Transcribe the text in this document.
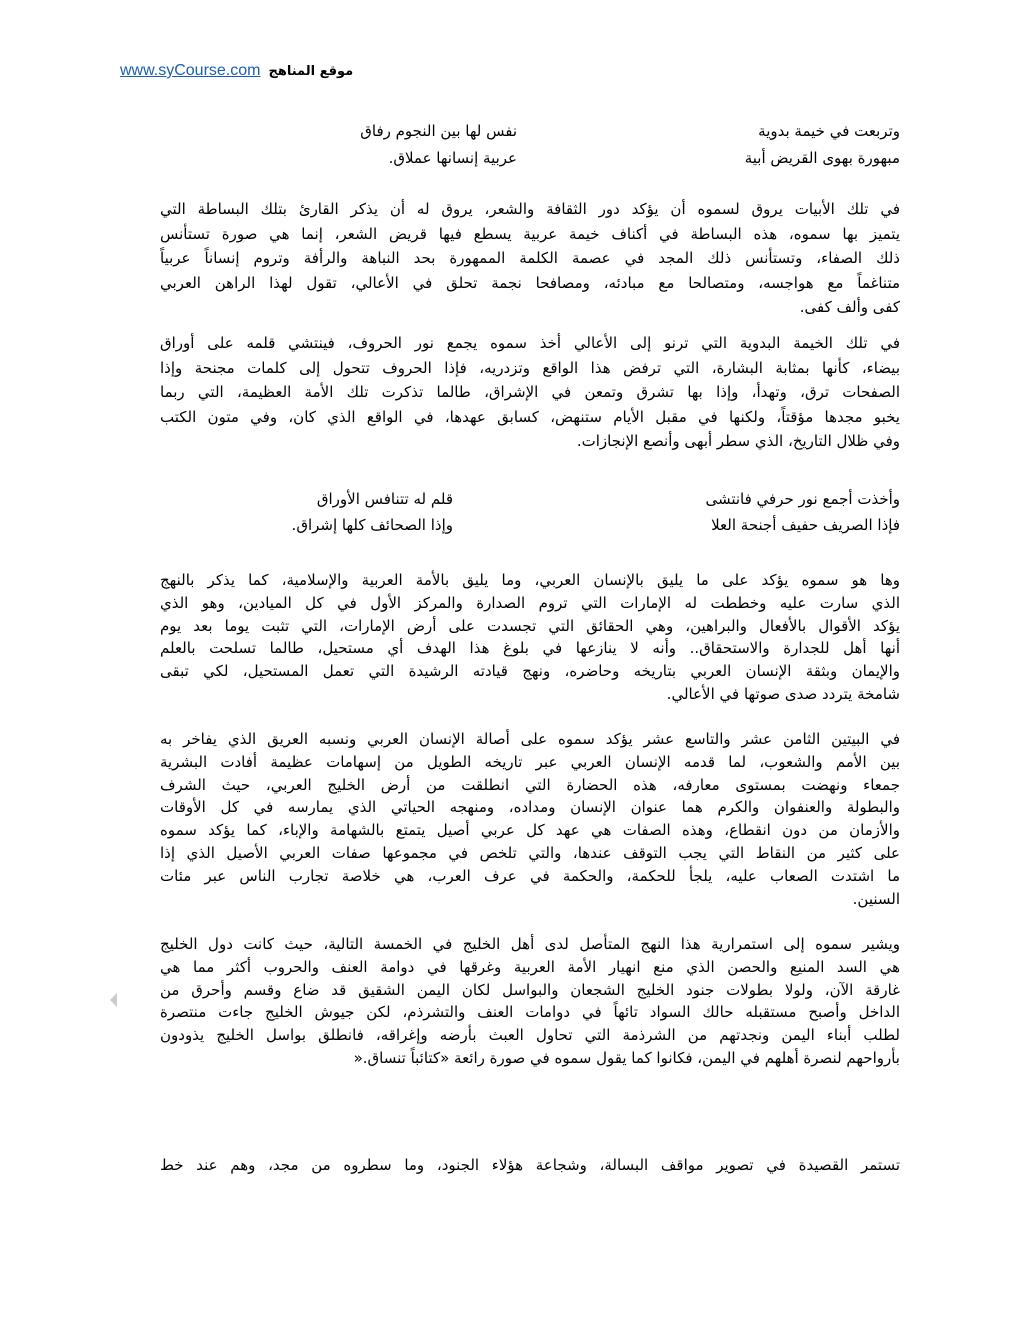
www.syCourse.com موقع المناهج
وتربعت في خيمة بدوية
نفس لها بين النجوم رفاق
مبهورة بهوى القريض أبية
عربية إنسانها عملاق.
في تلك الأبيات يروق لسموه أن يؤكد دور الثقافة والشعر، يروق له أن يذكر القارئ بتلك البساطة التي
يتميز بها سموه، هذه البساطة في أكناف خيمة عربية يسطع فيها قريض الشعر، إنما هي صورة تستأنس
ذلك الصفاء، وتستأنس ذلك المجد في عصمة الكلمة الممهورة بحد النباهة والرأفة وتروم إنساناً عربياً
متناغماً مع هواجسه، ومتصالحا مع مبادئه، ومصافحا نجمة تحلق في الأعالي، تقول لهذا الراهن العربي
كفى وألف كفى.
في تلك الخيمة البدوية التي ترنو إلى الأعالي أخذ سموه يجمع نور الحروف، فينتشي قلمه على أوراق
بيضاء، كأنها بمثابة البشارة، التي ترفض هذا الواقع وتزدريه، فإذا الحروف تتحول إلى كلمات مجنحة وإذا
الصفحات ترق، وتهدأ، وإذا بها تشرق وتمعن في الإشراق، طالما تذكرت تلك الأمة العظيمة، التي ربما
يخبو مجدها مؤقتاً، ولكنها في مقبل الأيام ستنهض، كسابق عهدها، في الواقع الذي كان، وفي متون الكتب
وفي ظلال التاريخ، الذي سطر أبهى وأنصع الإنجازات.
وأخذت أجمع نور حرفي فانتشى
قلم له تتنافس الأوراق
فإذا الصريف حفيف أجنحة العلا
وإذا الصحائف كلها إشراق.
وها هو سموه يؤكد على ما يليق بالإنسان العربي، وما يليق بالأمة العربية والإسلامية، كما يذكر بالنهج
الذي سارت عليه وخططت له الإمارات التي تروم الصدارة والمركز الأول في كل الميادين، وهو الذي
يؤكد الأقوال بالأفعال والبراهين، وهي الحقائق التي تجسدت على أرض الإمارات، التي تثبت يوما بعد يوم
أنها أهل للجدارة والاستحقاق.. وأنه لا ينازعها في بلوغ هذا الهدف أي مستحيل، طالما تسلحت بالعلم
والإيمان وبثقة الإنسان العربي بتاريخه وحاضره، ونهج قيادته الرشيدة التي تعمل المستحيل، لكي تبقى
شامخة يتردد صدى صوتها في الأعالي.
في البيتين الثامن عشر والتاسع عشر يؤكد سموه على أصالة الإنسان العربي ونسبه العريق الذي يفاخر به
بين الأمم والشعوب، لما قدمه الإنسان العربي عبر تاريخه الطويل من إسهامات عظيمة أفادت البشرية
جمعاء ونهضت بمستوى معارفه، هذه الحضارة التي انطلقت من أرض الخليج العربي، حيث الشرف
والبطولة والعنفوان والكرم هما عنوان الإنسان ومداده، ومنهجه الحياتي الذي يمارسه في كل الأوقات
والأزمان من دون انقطاع، وهذه الصفات هي عهد كل عربي أصيل يتمتع بالشهامة والإباء، كما يؤكد سموه
على كثير من النقاط التي يجب التوقف عندها، والتي تلخص في مجموعها صفات العربي الأصيل الذي إذا
ما اشتدت الصعاب عليه، يلجأ للحكمة، والحكمة في عرف العرب، هي خلاصة تجارب الناس عبر مئات
السنين.
ويشير سموه إلى استمرارية هذا النهج المتأصل لدى أهل الخليج في الخمسة التالية، حيث كانت دول الخليج
هي السد المنيع والحصن الذي منع انهيار الأمة العربية وغرقها في دوامة العنف والحروب أكثر مما هي
غارقة الآن، ولولا بطولات جنود الخليج الشجعان والبواسل لكان اليمن الشقيق قد ضاع وقسم وأحرق من
الداخل وأصبح مستقبله حالك السواد تائهاً في دوامات العنف والتشرذم، لكن جيوش الخليج جاءت منتصرة
لطلب أبناء اليمن ونجدتهم من الشرذمة التي تحاول العبث بأرضه وإغراقه، فانطلق بواسل الخليج يذودون
بأرواحهم لنصرة أهلهم في اليمن، فكانوا كما يقول سموه في صورة رائعة «كتائباً تنساق.«
تستمر القصيدة في تصوير مواقف البسالة، وشجاعة هؤلاء الجنود، وما سطروه من مجد، وهم عند خط
